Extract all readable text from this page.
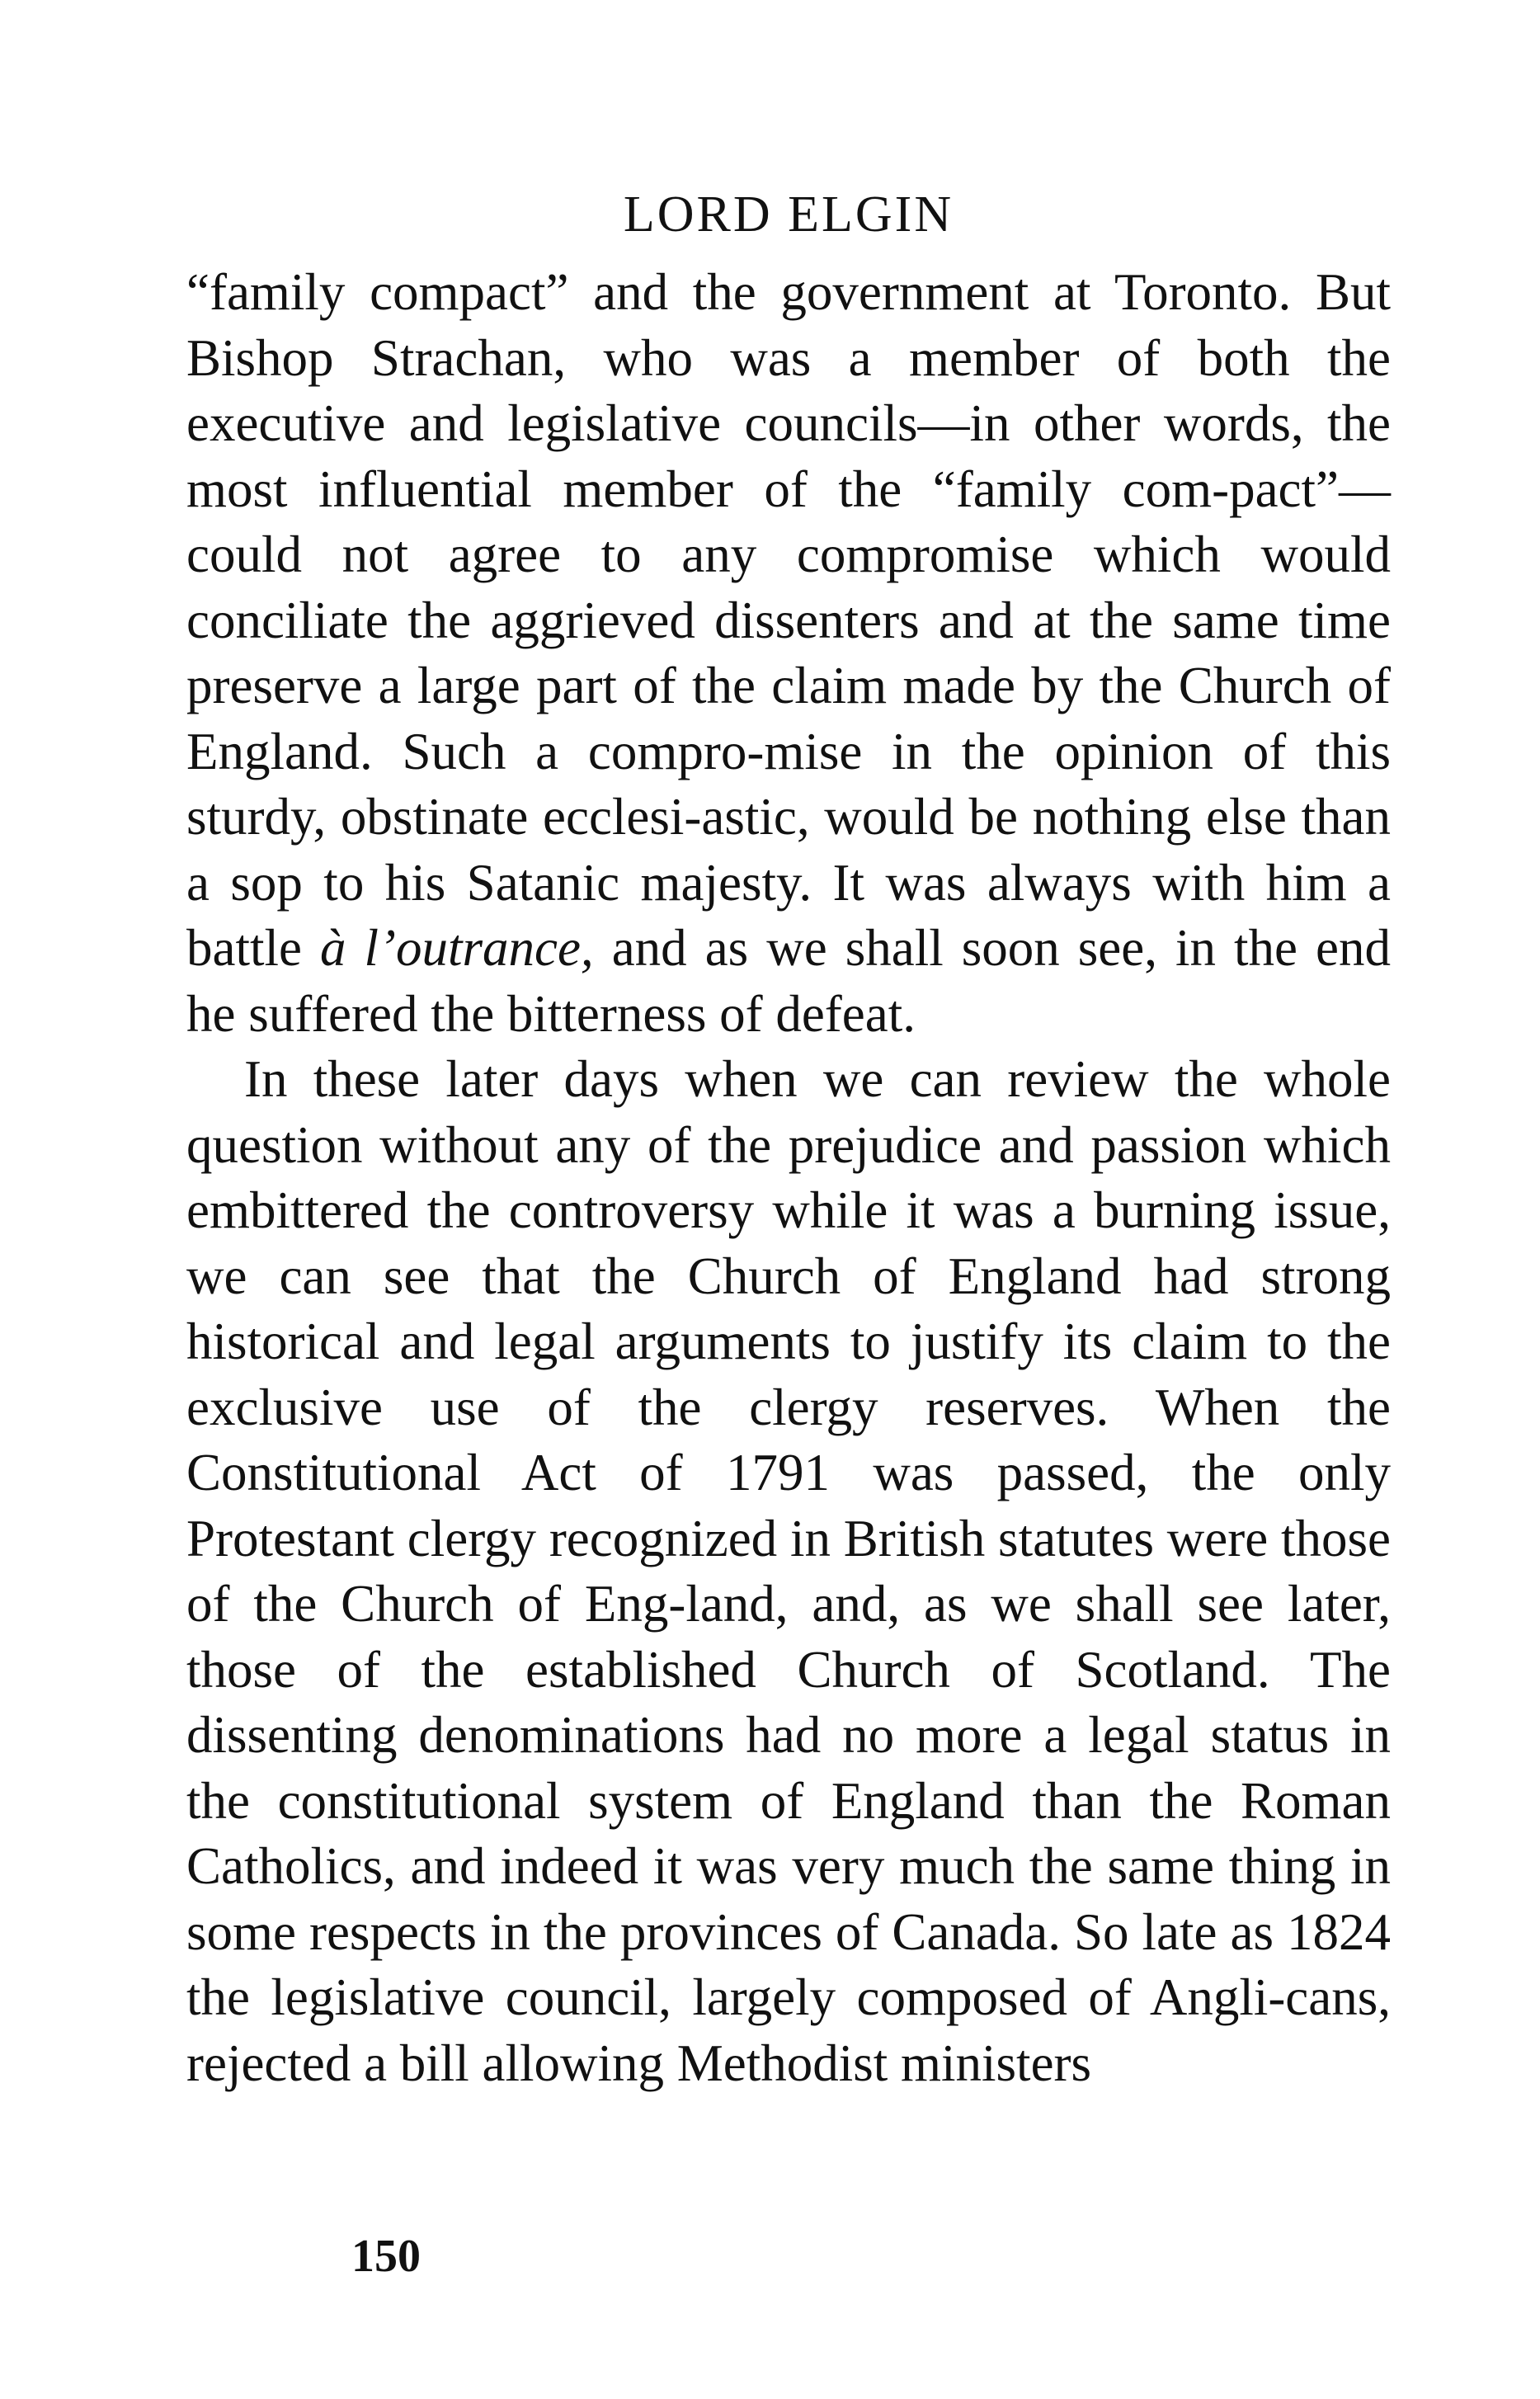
LORD ELGIN

“family compact” and the government at Toronto. But Bishop Strachan, who was a member of both the executive and legislative councils—in other words, the most influential member of the “family com-pact”—could not agree to any compromise which would conciliate the aggrieved dissenters and at the same time preserve a large part of the claim made by the Church of England. Such a compro-mise in the opinion of this sturdy, obstinate ecclesi-astic, would be nothing else than a sop to his Satanic majesty. It was always with him a battle à l’outrance, and as we shall soon see, in the end he suffered the bitterness of defeat.

In these later days when we can review the whole question without any of the prejudice and passion which embittered the controversy while it was a burning issue, we can see that the Church of England had strong historical and legal arguments to justify its claim to the exclusive use of the clergy reserves. When the Constitutional Act of 1791 was passed, the only Protestant clergy recognized in British statutes were those of the Church of Eng-land, and, as we shall see later, those of the established Church of Scotland. The dissenting denominations had no more a legal status in the constitutional system of England than the Roman Catholics, and indeed it was very much the same thing in some respects in the provinces of Canada. So late as 1824 the legislative council, largely composed of Angli-cans, rejected a bill allowing Methodist ministers

150
